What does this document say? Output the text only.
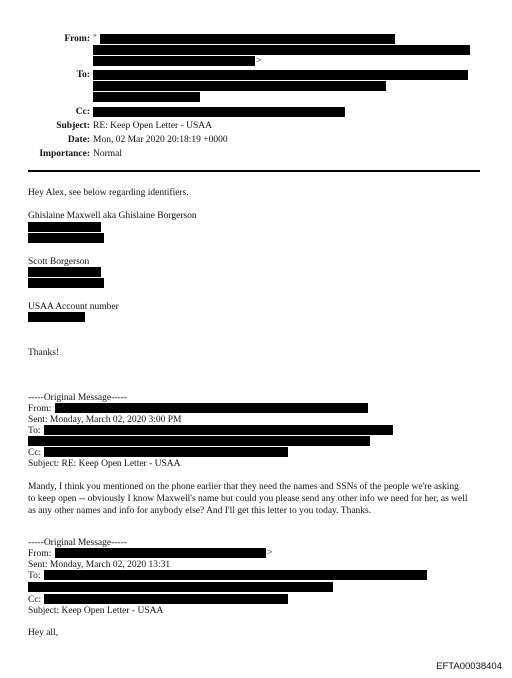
From: "
>
To:
Cc:
Subject: RE: Keep Open Letter - USAA
Date: Mon, 02 Mar 2020 20:18:19 +0000
Importance: Normal
Hey Alex, see below regarding identifiers.
Ghislaine Maxwell aka Ghislaine Borgerson
Scott Borgerson
USAA Account number
Thanks!
-----Original Message-----
From:
Sent: Monday, March 02, 2020 3:00 PM
To:
Cc:
Subject: RE: Keep Open Letter - USAA
Mandy, I think you mentioned on the phone earlier that they need the names and SSNs of the people we're asking to keep open -- obviously I know Maxwell's name but could you please send any other info we need for her, as well as any other names and info for anybody else? And I'll get this letter to you today. Thanks.
-----Original Message-----
From:	>
Sent: Monday, March 02, 2020 13:31
To:
Cc:
Subject: Keep Open Letter - USAA
Hey all,
EFTA00038404
